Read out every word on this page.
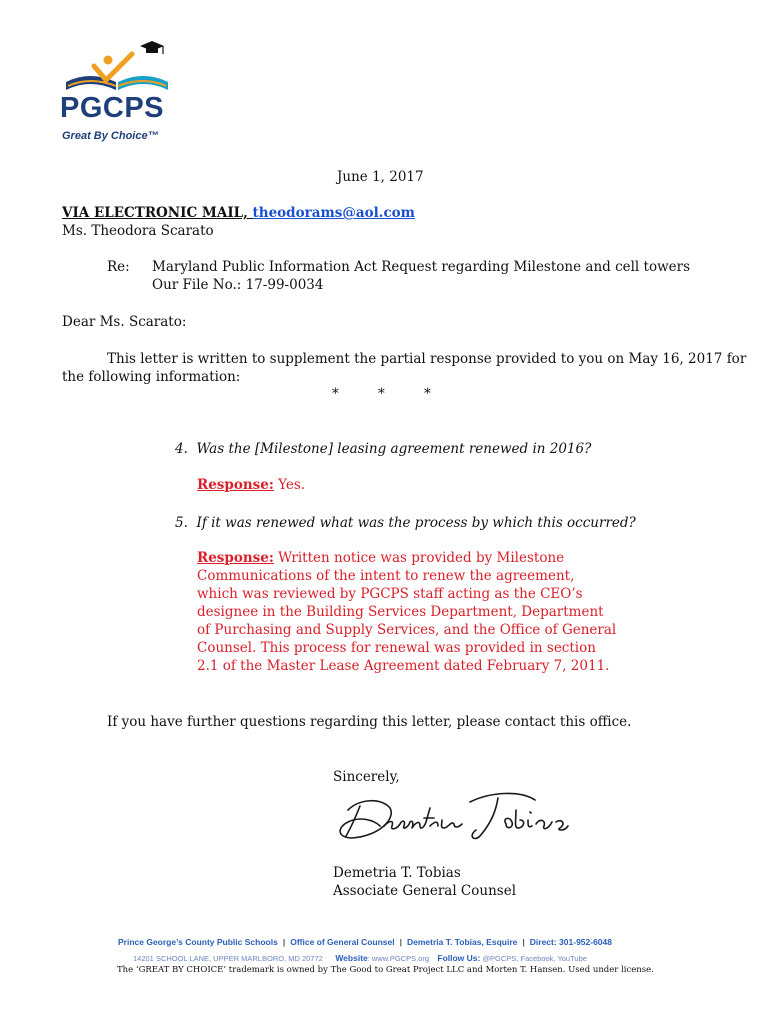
PGCPS
Great By Choice™
June 1, 2017
VIA ELECTRONIC MAIL, theodorams@aol.com
Ms. Theodora Scarato
Re: Maryland Public Information Act Request regarding Milestone and cell towers
Our File No.: 17-99-0034
Dear Ms. Scarato:
This letter is written to supplement the partial response provided to you on May 16, 2017 for
the following information:
*	*	*
4. Was the [Milestone] leasing agreement renewed in 2016?
Response: Yes.
5. If it was renewed what was the process by which this occurred?
Response: Written notice was provided by Milestone Communications of the intent to renew the agreement, which was reviewed by PGCPS staff acting as the CEO’s designee in the Building Services Department, Department of Purchasing and Supply Services, and the Office of General Counsel. This process for renewal was provided in section 2.1 of the Master Lease Agreement dated February 7, 2011.
If you have further questions regarding this letter, please contact this office.
Sincerely,
Demetria T. Tobias
Associate General Counsel
Prince George’s County Public Schools | Office of General Counsel | Demetria T. Tobias, Esquire | Direct: 301-952-6048
14201 SCHOOL LANE, UPPER MARLBORO, MD 20772 Website: www.PGCPS.org Follow Us: @PGCPS, Facebook, YouTube
The ‘GREAT BY CHOICE’ trademark is owned by The Good to Great Project LLC and Morten T. Hansen. Used under license.
